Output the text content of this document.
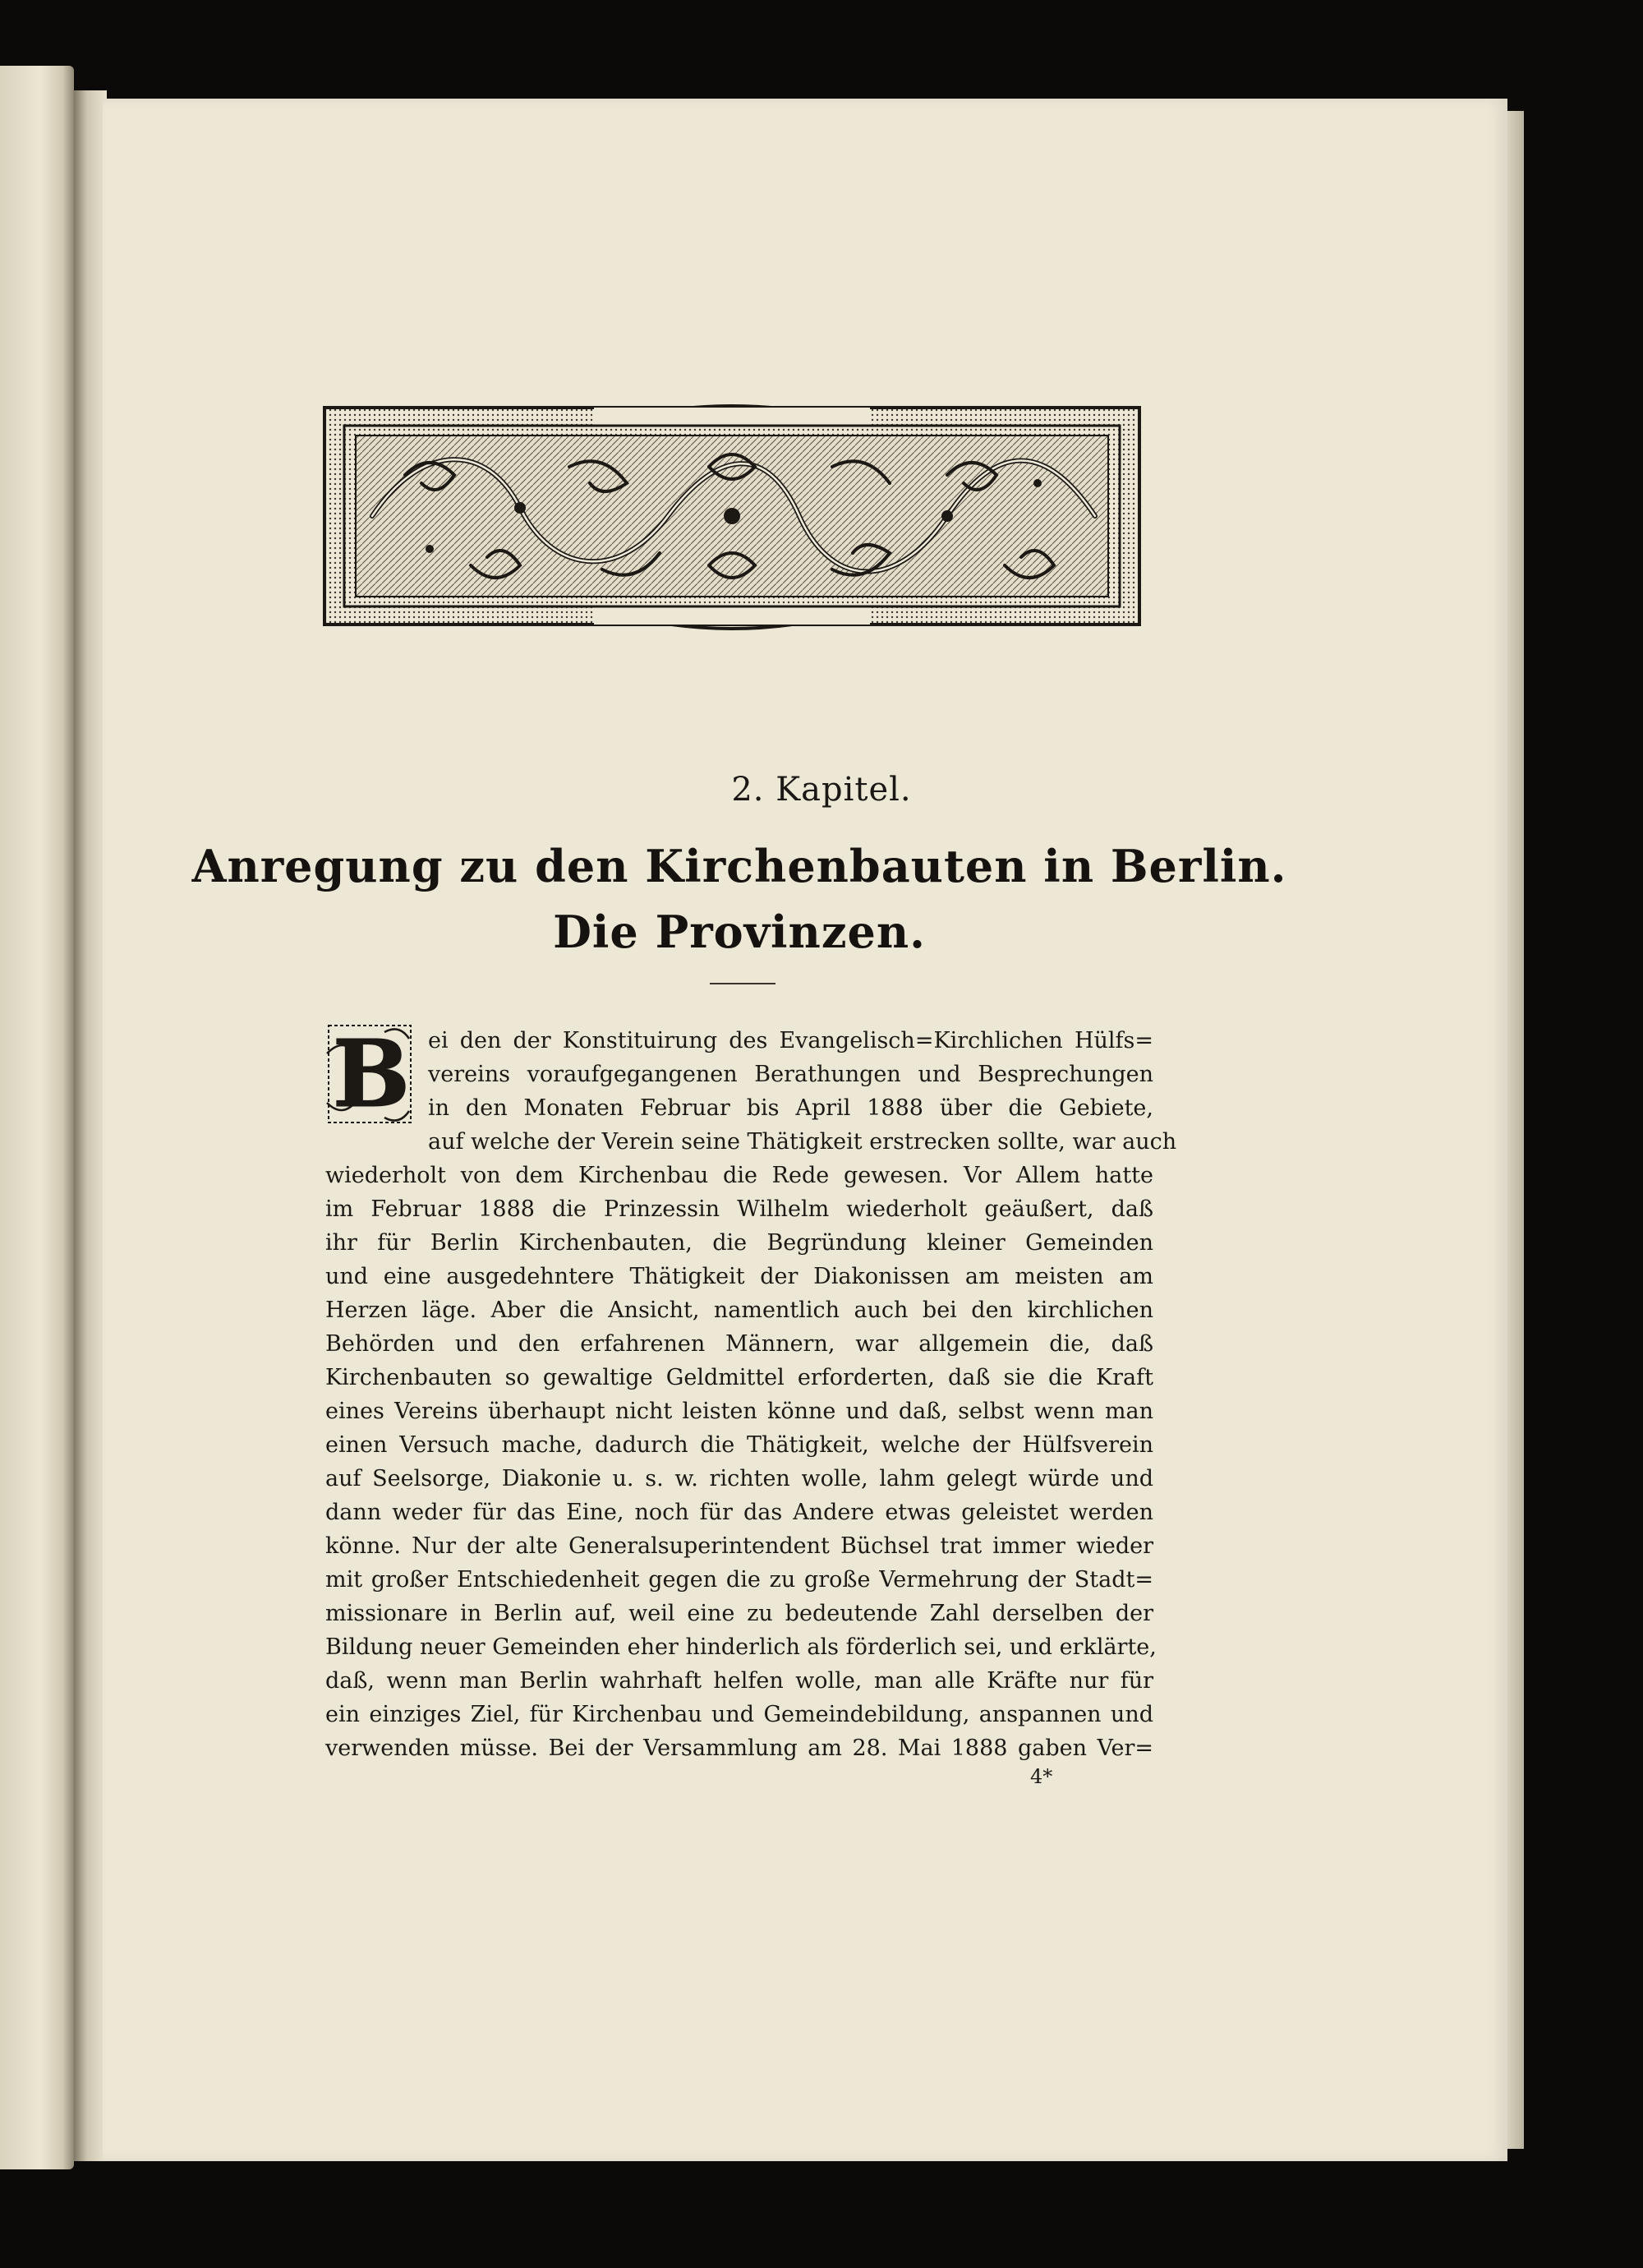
2. Kapitel.
Anregung zu den Kirchenbauten in Berlin.
Die Provinzen.
B ei den der Konstituirung des Evangelisch=Kirchlichen Hülfs=
vereins voraufgegangenen Berathungen und Besprechungen
in den Monaten Februar bis April 1888 über die Gebiete,
auf welche der Verein seine Thätigkeit erstrecken sollte, war auch
wiederholt von dem Kirchenbau die Rede gewesen. Vor Allem hatte
im Februar 1888 die Prinzessin Wilhelm wiederholt geäußert, daß
ihr für Berlin Kirchenbauten, die Begründung kleiner Gemeinden
und eine ausgedehntere Thätigkeit der Diakonissen am meisten am
Herzen läge. Aber die Ansicht, namentlich auch bei den kirchlichen
Behörden und den erfahrenen Männern, war allgemein die, daß
Kirchenbauten so gewaltige Geldmittel erforderten, daß sie die Kraft
eines Vereins überhaupt nicht leisten könne und daß, selbst wenn man
einen Versuch mache, dadurch die Thätigkeit, welche der Hülfsverein
auf Seelsorge, Diakonie u. s. w. richten wolle, lahm gelegt würde und
dann weder für das Eine, noch für das Andere etwas geleistet werden
könne. Nur der alte Generalsuperintendent Büchsel trat immer wieder
mit großer Entschiedenheit gegen die zu große Vermehrung der Stadt=
missionare in Berlin auf, weil eine zu bedeutende Zahl derselben der
Bildung neuer Gemeinden eher hinderlich als förderlich sei, und erklärte,
daß, wenn man Berlin wahrhaft helfen wolle, man alle Kräfte nur für
ein einziges Ziel, für Kirchenbau und Gemeindebildung, anspannen und
verwenden müsse. Bei der Versammlung am 28. Mai 1888 gaben Ver=
4*
